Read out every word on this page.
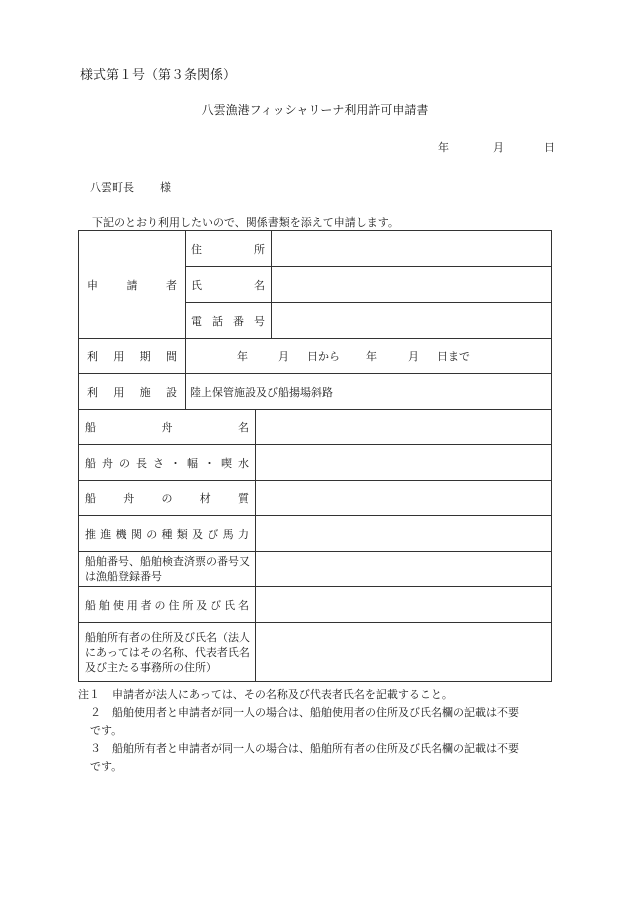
様式第１号（第３条関係）
八雲漁港フィッシャリーナ利用許可申請書
年	月	日
八雲町長 様
下記のとおり利用したいので、関係書類を添えて申請します。
申	請	者
住	所
氏	名
電 話 番 号
利 用 期 間	年	月 日から 年	月 日まで
利 用 施 設 陸上保管施設及び船揚場斜路
船	舟	名
船 舟 の 長 さ ・ 幅 ・ 喫 水
船 舟 の 材 質
推 進 機 関 の 種 類 及 び 馬 力
船舶番号、船舶検査済票の番号又は漁船登録番号
船 舶 使 用 者 の 住 所 及 び 氏 名
船舶所有者の住所及び氏名（法人にあってはその名称、代表者氏名及び主たる事務所の住所）
注１	申請者が法人にあっては、その名称及び代表者氏名を記載すること。
２	船舶使用者と申請者が同一人の場合は、船舶使用者の住所及び氏名欄の記載は不要
です。
３	船舶所有者と申請者が同一人の場合は、船舶所有者の住所及び氏名欄の記載は不要
です。
